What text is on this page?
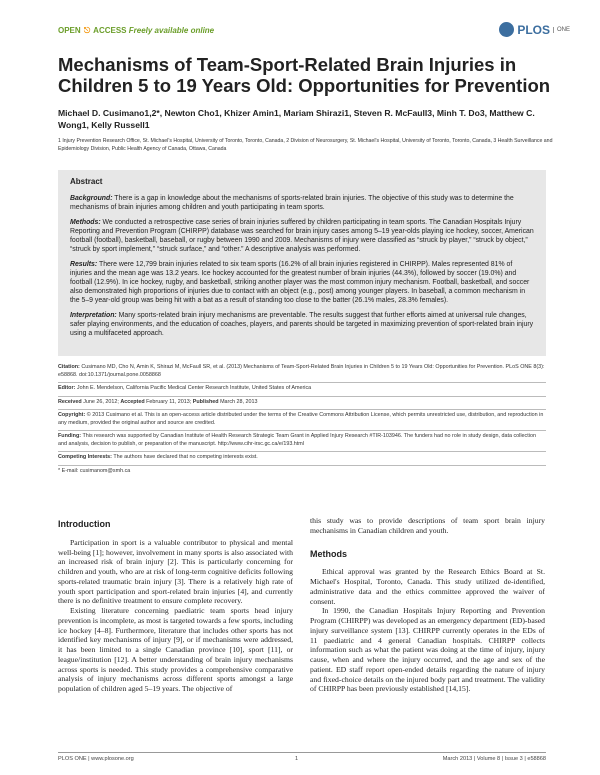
OPEN ⎋ ACCESS Freely available online	PLOS	ONE
Mechanisms of Team-Sport-Related Brain Injuries in Children 5 to 19 Years Old: Opportunities for Prevention
Michael D. Cusimano1,2*, Newton Cho1, Khizer Amin1, Mariam Shirazi1, Steven R. McFaull3, Minh T. Do3, Matthew C. Wong1, Kelly Russell1
1 Injury Prevention Research Office, St. Michael's Hospital, University of Toronto, Toronto, Canada, 2 Division of Neurosurgery, St. Michael's Hospital, University of Toronto, Toronto, Canada, 3 Health Surveillance and Epidemiology Division, Public Health Agency of Canada, Ottawa, Canada
Abstract

Background: There is a gap in knowledge about the mechanisms of sports-related brain injuries. The objective of this study was to determine the mechanisms of brain injuries among children and youth participating in team sports.

Methods: We conducted a retrospective case series of brain injuries suffered by children participating in team sports. The Canadian Hospitals Injury Reporting and Prevention Program (CHIRPP) database was searched for brain injury cases among 5–19 year-olds playing ice hockey, soccer, American football (football), basketball, baseball, or rugby between 1990 and 2009. Mechanisms of injury were classified as “struck by player,” “struck by object,” “struck by sport implement,” “struck surface,” and “other.” A descriptive analysis was performed.

Results: There were 12,799 brain injuries related to six team sports (16.2% of all brain injuries registered in CHIRPP). Males represented 81% of injuries and the mean age was 13.2 years. Ice hockey accounted for the greatest number of brain injuries (44.3%), followed by soccer (19.0%) and football (12.9%). In ice hockey, rugby, and basketball, striking another player was the most common injury mechanism. Football, basketball, and soccer also demonstrated high proportions of injuries due to contact with an object (e.g., post) among younger players. In baseball, a common mechanism in the 5–9 year-old group was being hit with a bat as a result of standing too close to the batter (26.1% males, 28.3% females).

Interpretation: Many sports-related brain injury mechanisms are preventable. The results suggest that further efforts aimed at universal rule changes, safer playing environments, and the education of coaches, players, and parents should be targeted in maximizing prevention of sport-related brain injury using a multifaceted approach.

Citation: Cusimano MD, Cho N, Amin K, Shirazi M, McFaull SR, et al. (2013) Mechanisms of Team-Sport-Related Brain Injuries in Children 5 to 19 Years Old: Opportunities for Prevention. PLoS ONE 8(3): e58868. doi:10.1371/journal.pone.0058868
Editor: John E. Mendelson, California Pacific Medical Center Research Institute, United States of America
Received June 26, 2012; Accepted February 11, 2013; Published March 28, 2013
Copyright: © 2013 Cusimano et al. This is an open-access article distributed under the terms of the Creative Commons Attribution License, which permits unrestricted use, distribution, and reproduction in any medium, provided the original author and source are credited.
Funding: This research was supported by Canadian Institute of Health Research Strategic Team Grant in Applied Injury Research #TIR-103946. The funders had no role in study design, data collection and analysis, decision to publish, or preparation of the manuscript. http://www.cihr-irsc.gc.ca/e/193.html
Competing Interests: The authors have declared that no competing interests exist.
* E-mail: cusimanom@smh.ca
Introduction

Participation in sport is a valuable contributor to physical and mental well-being [1]; however, involvement in many sports is also associated with an increased risk of brain injury [2]. This is particularly concerning for children and youth, who are at risk of long-term cognitive deficits following sports-related traumatic brain injury [3]. There is a relatively high rate of youth sport participation and sport-related brain injuries [4], and currently there is no definitive treatment to ensure complete recovery.

Existing literature concerning paediatric team sports head injury prevention is incomplete, as most is targeted towards a few sports, including ice hockey [4–8]. Furthermore, literature that includes other sports has not identified key mechanisms of injury [9], or if mechanisms were addressed, it has been limited to a single Canadian province [10], sport [11], or league/institution [12]. A better understanding of brain injury mechanisms across sports is needed. This study provides a comprehensive comparative analysis of injury mechanisms across different sports amongst a large population of children aged 5–19 years. The objective of

this study was to provide descriptions of team sport brain injury mechanisms in Canadian children and youth.

Methods

Ethical approval was granted by the Research Ethics Board at St. Michael's Hospital, Toronto, Canada. This study utilized de-identified, administrative data and the ethics committee approved the waiver of consent.

In 1990, the Canadian Hospitals Injury Reporting and Prevention Program (CHIRPP) was developed as an emergency department (ED)-based injury surveillance system [13]. CHIRPP currently operates in the EDs of 11 paediatric and 4 general Canadian hospitals. CHIRPP collects information such as what the patient was doing at the time of injury, injury cause, when and where the injury occurred, and the age and sex of the patient. ED staff report open-ended details regarding the nature of injury and fixed-choice details on the injured body part and treatment. The validity of CHIRPP has been previously established [14,15].

PLOS ONE | www.plosone.org	1	March 2013 | Volume 8 | Issue 3 | e58868
